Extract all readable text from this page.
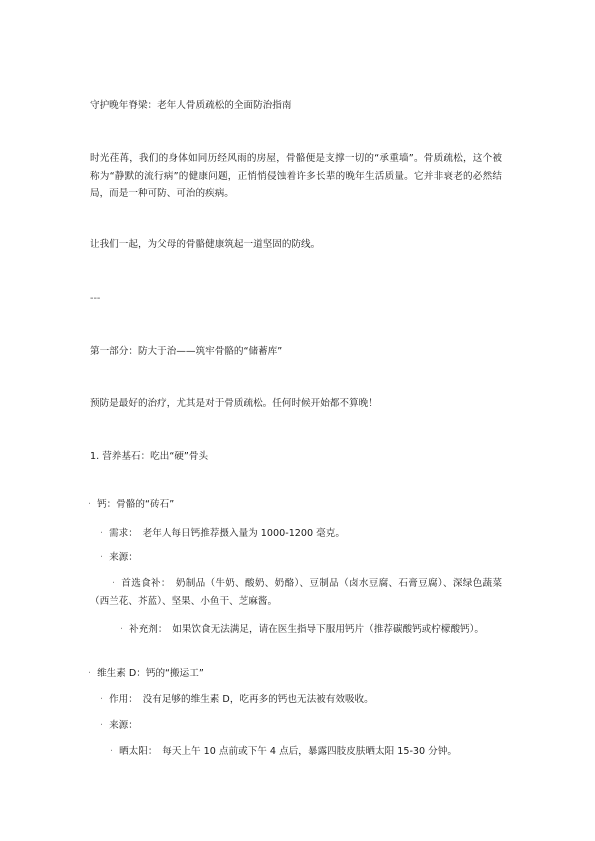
守护晚年脊梁：老年人骨质疏松的全面防治指南
时光荏苒，我们的身体如同历经风雨的房屋，骨骼便是支撑一切的“承重墙”。骨质疏松，这个被称为“静默的流行病”的健康问题，正悄悄侵蚀着许多长辈的晚年生活质量。它并非衰老的必然结局，而是一种可防、可治的疾病。
让我们一起，为父母的骨骼健康筑起一道坚固的防线。
---
第一部分：防大于治——筑牢骨骼的“储蓄库”
预防是最好的治疗，尤其是对于骨质疏松。任何时候开始都不算晚！
1. 营养基石：吃出“硬”骨头
· 钙：骨骼的“砖石”
· 需求：　老年人每日钙推荐摄入量为 1000-1200 毫克。
· 来源：
· 首选食补：　奶制品（牛奶、酸奶、奶酪）、豆制品（卤水豆腐、石膏豆腐）、深绿色蔬菜（西兰花、芥蓝）、坚果、小鱼干、芝麻酱。
· 补充剂：　如果饮食无法满足，请在医生指导下服用钙片（推荐碳酸钙或柠檬酸钙）。
· 维生素 D：钙的“搬运工”
· 作用：　没有足够的维生素 D，吃再多的钙也无法被有效吸收。
· 来源：
· 晒太阳：　每天上午 10 点前或下午 4 点后，暴露四肢皮肤晒太阳 15-30 分钟。
